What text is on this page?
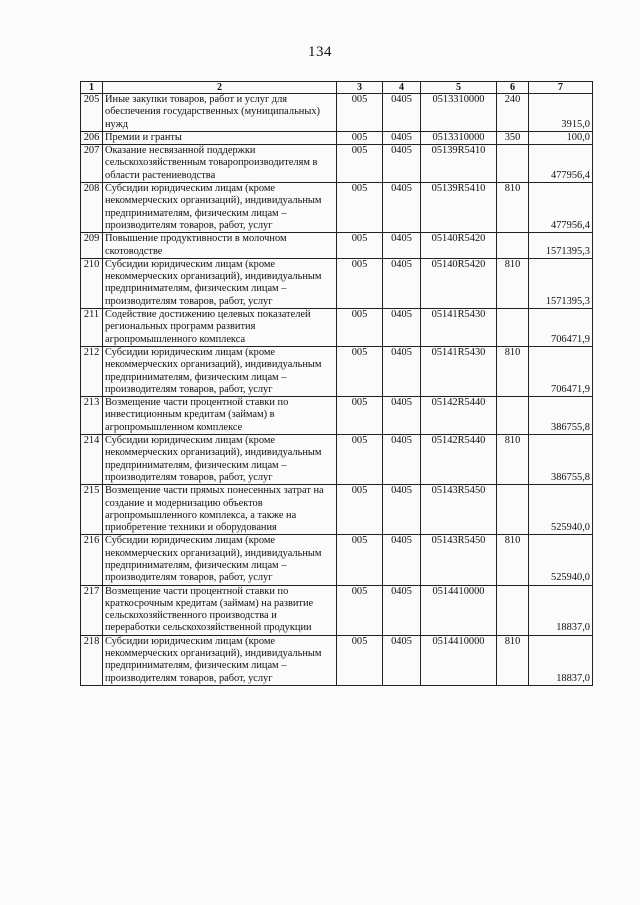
134
1	2	3	4	5	6	7
205	Иные закупки товаров, работ и услуг для обеспечения государственных (муниципальных) нужд	005	0405	0513310000	240	3915,0
206	Премии и гранты	005	0405	0513310000	350	100,0
207	Оказание несвязанной поддержки сельскохозяйственным товаропроизводителям в области растениеводства	005	0405	05139R5410		477956,4
208	Субсидии юридическим лицам (кроме некоммерческих организаций), индивидуальным предпринимателям, физическим лицам – производителям товаров, работ, услуг	005	0405	05139R5410	810	477956,4
209	Повышение продуктивности в молочном скотоводстве	005	0405	05140R5420		1571395,3
210	Субсидии юридическим лицам (кроме некоммерческих организаций), индивидуальным предпринимателям, физическим лицам – производителям товаров, работ, услуг	005	0405	05140R5420	810	1571395,3
211	Содействие достижению целевых показателей региональных программ развития агропромышленного комплекса	005	0405	05141R5430		706471,9
212	Субсидии юридическим лицам (кроме некоммерческих организаций), индивидуальным предпринимателям, физическим лицам – производителям товаров, работ, услуг	005	0405	05141R5430	810	706471,9
213	Возмещение части процентной ставки по инвестиционным кредитам (займам) в агропромышленном комплексе	005	0405	05142R5440		386755,8
214	Субсидии юридическим лицам (кроме некоммерческих организаций), индивидуальным предпринимателям, физическим лицам – производителям товаров, работ, услуг	005	0405	05142R5440	810	386755,8
215	Возмещение части прямых понесенных затрат на создание и модернизацию объектов агропромышленного комплекса, а также на приобретение техники и оборудования	005	0405	05143R5450		525940,0
216	Субсидии юридическим лицам (кроме некоммерческих организаций), индивидуальным предпринимателям, физическим лицам – производителям товаров, работ, услуг	005	0405	05143R5450	810	525940,0
217	Возмещение части процентной ставки по краткосрочным кредитам (займам) на развитие сельскохозяйственного производства и переработки сельскохозяйственной продукции	005	0405	0514410000		18837,0
218	Субсидии юридическим лицам (кроме некоммерческих организаций), индивидуальным предпринимателям, физическим лицам – производителям товаров, работ, услуг	005	0405	0514410000	810	18837,0
